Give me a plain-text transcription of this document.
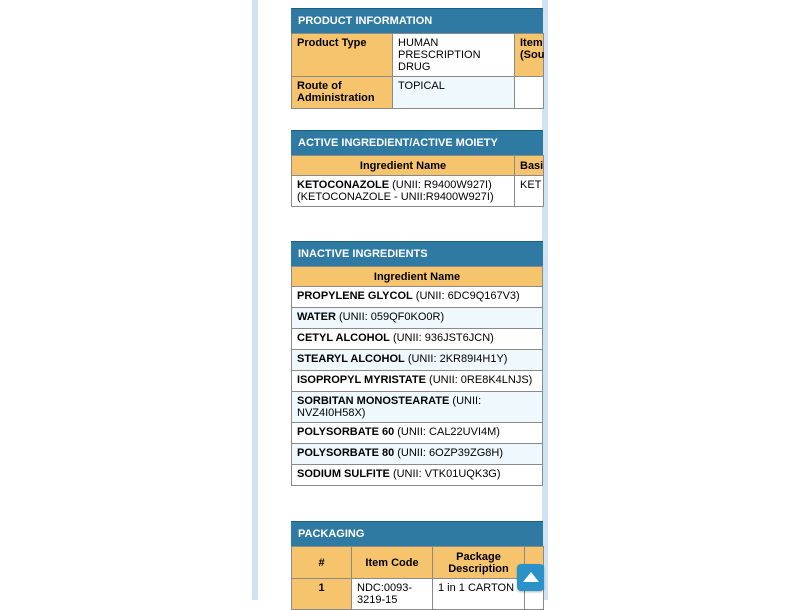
PRODUCT INFORMATION
Product Type	HUMAN PRESCRIPTION DRUG	Item (Sou
Route of Administration	TOPICAL	
ACTIVE INGREDIENT/ACTIVE MOIETY
Ingredient Name	Basi
KETOCONAZOLE (UNII: R9400W927I) (KETOCONAZOLE - UNII:R9400W927I)	KET
INACTIVE INGREDIENTS
Ingredient Name
PROPYLENE GLYCOL (UNII: 6DC9Q167V3)
WATER (UNII: 059QF0KO0R)
CETYL ALCOHOL (UNII: 936JST6JCN)
STEARYL ALCOHOL (UNII: 2KR89I4H1Y)
ISOPROPYL MYRISTATE (UNII: 0RE8K4LNJS)
SORBITAN MONOSTEARATE (UNII: NVZ4I0H58X)
POLYSORBATE 60 (UNII: CAL22UVI4M)
POLYSORBATE 80 (UNII: 6OZP39ZG8H)
SODIUM SULFITE (UNII: VTK01UQK3G)
PACKAGING
#	Item Code	Package Description	
1	NDC:0093-3219-15	1 in 1 CARTON	
